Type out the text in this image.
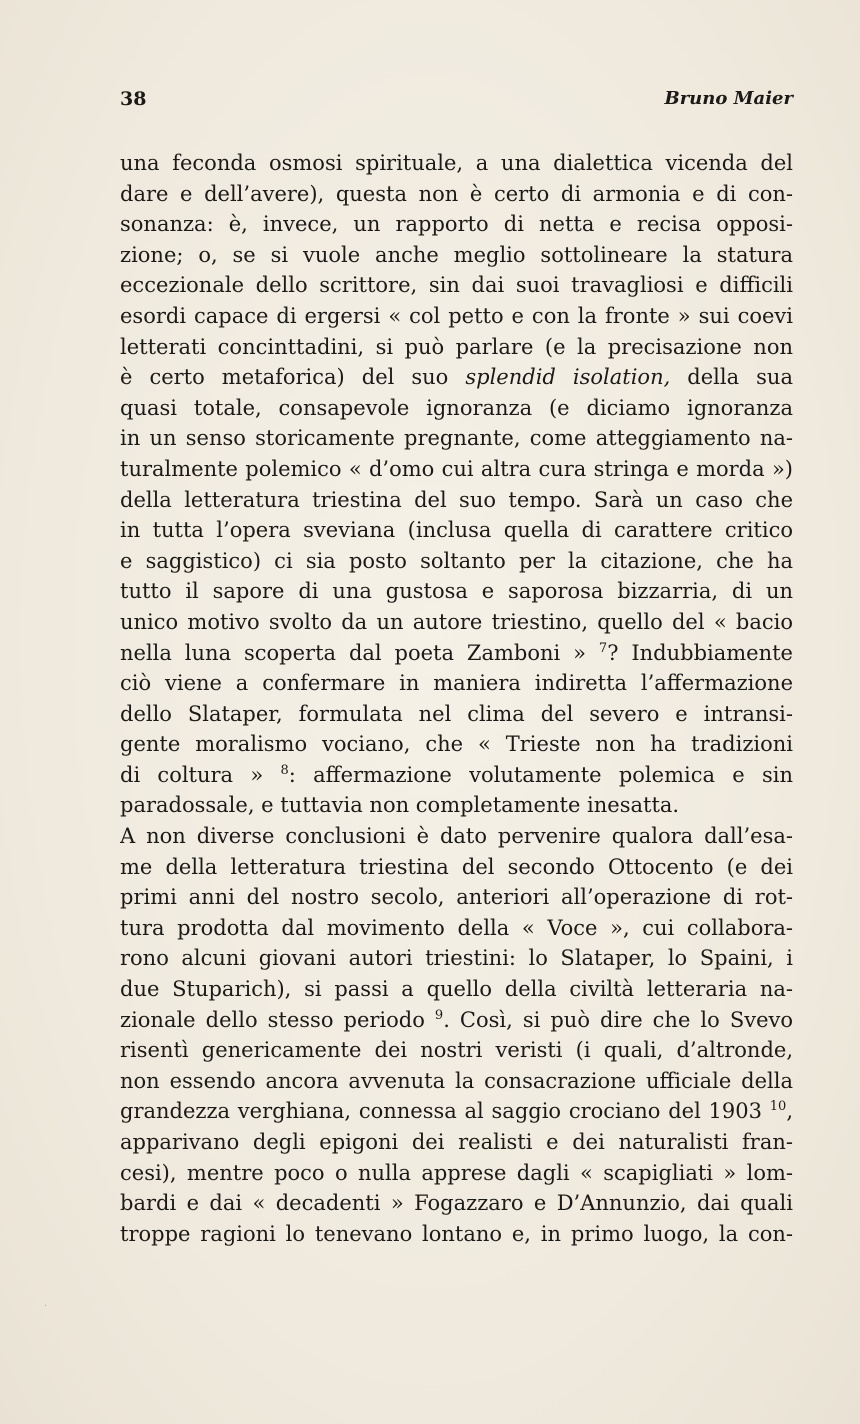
38	Bruno Maier
una feconda osmosi spirituale, a una dialettica vicenda del
dare e dell’avere), questa non è certo di armonia e di con-
sonanza: è, invece, un rapporto di netta e recisa opposi-
zione; o, se si vuole anche meglio sottolineare la statura
eccezionale dello scrittore, sin dai suoi travagliosi e difficili
esordi capace di ergersi « col petto e con la fronte » sui coevi
letterati concinttadini, si può parlare (e la precisazione non
è certo metaforica) del suo splendid isolation, della sua
quasi totale, consapevole ignoranza (e diciamo ignoranza
in un senso storicamente pregnante, come atteggiamento na-
turalmente polemico « d’omo cui altra cura stringa e morda »)
della letteratura triestina del suo tempo. Sarà un caso che
in tutta l’opera sveviana (inclusa quella di carattere critico
e saggistico) ci sia posto soltanto per la citazione, che ha
tutto il sapore di una gustosa e saporosa bizzarria, di un
unico motivo svolto da un autore triestino, quello del « bacio
nella luna scoperta dal poeta Zamboni » $^7$? Indubbiamente
ciò viene a confermare in maniera indiretta l’affermazione
dello Slataper, formulata nel clima del severo e intransi-
gente moralismo vociano, che « Trieste non ha tradizioni
di coltura » $^8$: affermazione volutamente polemica e sin
paradossale, e tuttavia non completamente inesatta.
A non diverse conclusioni è dato pervenire qualora dall’esa-
me della letteratura triestina del secondo Ottocento (e dei
primi anni del nostro secolo, anteriori all’operazione di rot-
tura prodotta dal movimento della « Voce », cui collabora-
rono alcuni giovani autori triestini: lo Slataper, lo Spaini, i
due Stuparich), si passi a quello della civiltà letteraria na-
zionale dello stesso periodo $^9$. Così, si può dire che lo Svevo
risentì genericamente dei nostri veristi (i quali, d’altronde,
non essendo ancora avvenuta la consacrazione ufficiale della
grandezza verghiana, connessa al saggio crociano del 1903 $^{10}$,
apparivano degli epigoni dei realisti e dei naturalisti fran-
cesi), mentre poco o nulla apprese dagli « scapigliati » lom-
bardi e dai « decadenti » Fogazzaro e D’Annunzio, dai quali
troppe ragioni lo tenevano lontano e, in primo luogo, la con-
·
